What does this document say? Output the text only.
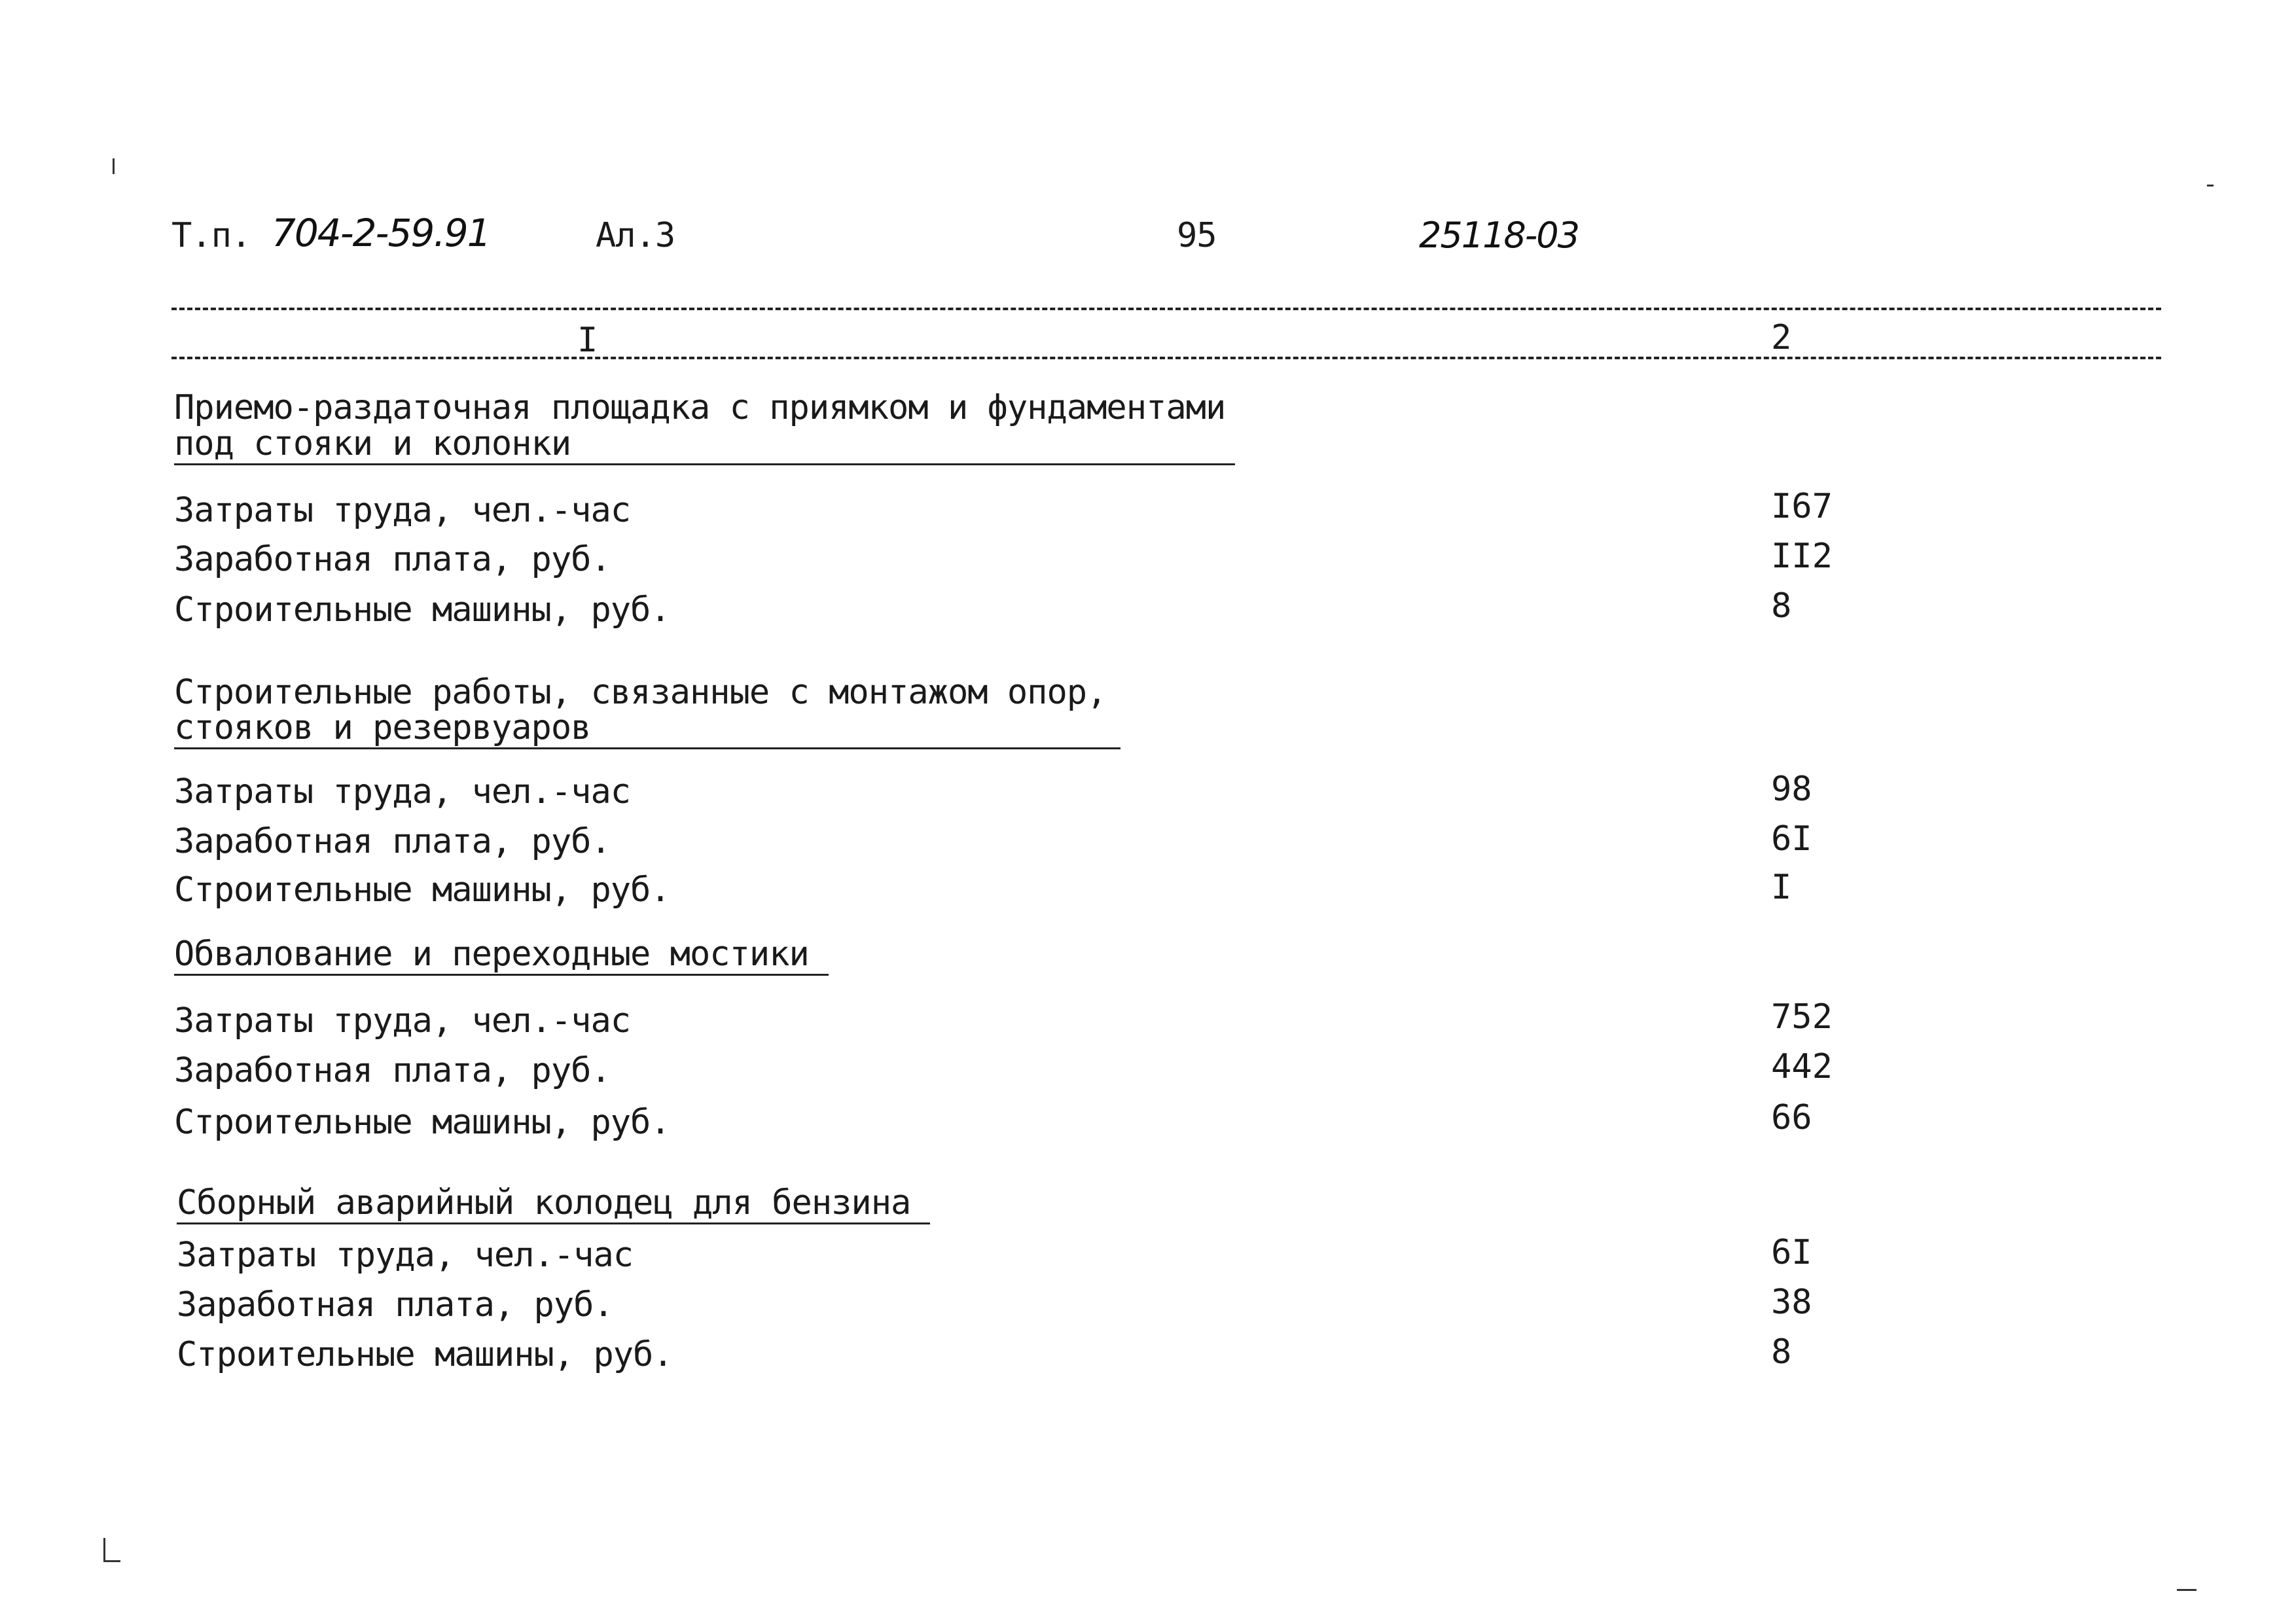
Т.п. 704-2-59.91	Ал.3	95	25118-03
I	2
Приемо-раздаточная площадка с приямком и фундаментами
под стояки и колонки
Затраты труда, чел.-час	I67
Заработная плата, руб.	II2
Строительные машины, руб.	8
Строительные работы, связанные с монтажом опор,
стояков и резервуаров
Затраты труда, чел.-час	98
Заработная плата, руб.	6I
Строительные машины, руб.	I
Обвалование и переходные мостики
Затраты труда, чел.-час	752
Заработная плата, руб.	442
Строительные машины, руб.	66
Сборный аварийный колодец для бензина
Затраты труда, чел.-час	6I
Заработная плата, руб.	38
Строительные машины, руб.	8
